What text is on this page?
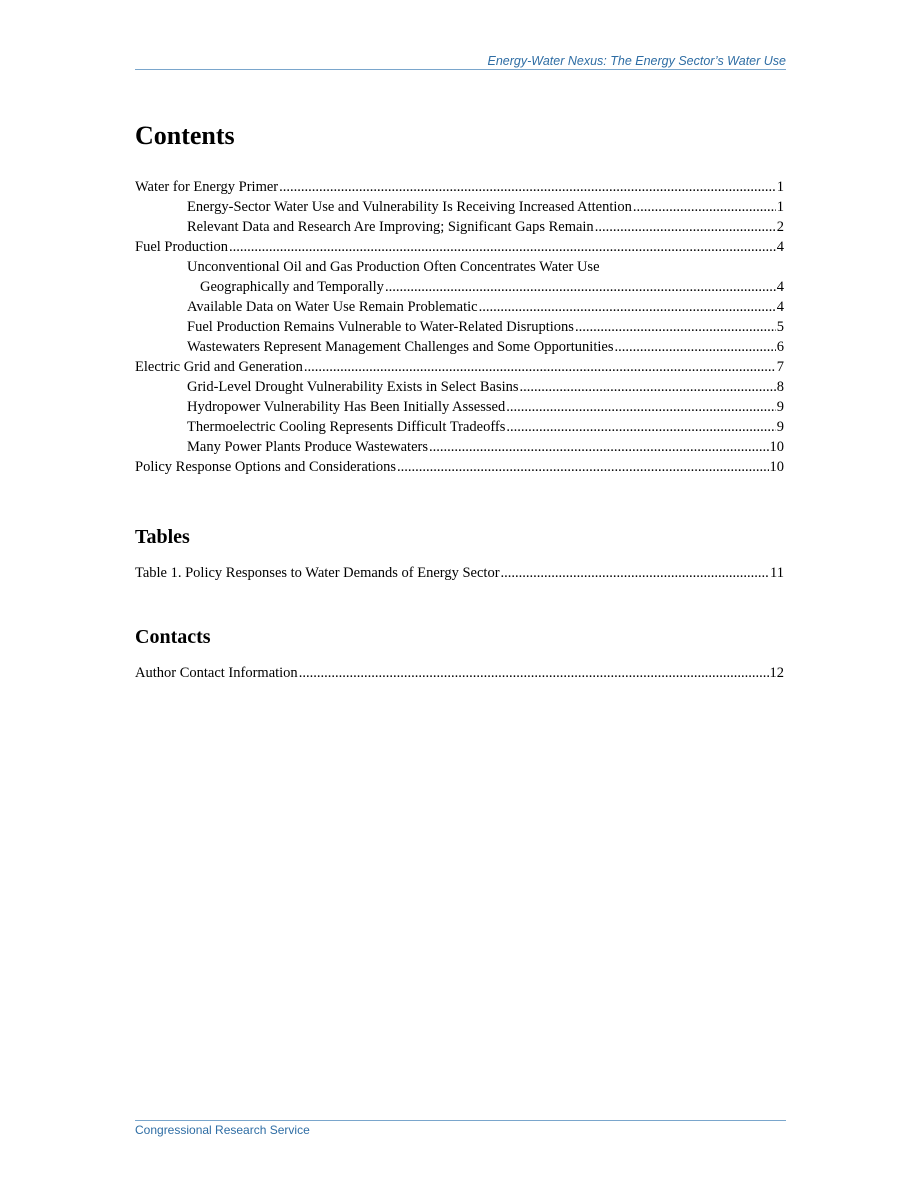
Energy-Water Nexus: The Energy Sector’s Water Use
Contents
Water for Energy Primer .....	1
Energy-Sector Water Use and Vulnerability Is Receiving Increased Attention .....	1
Relevant Data and Research Are Improving; Significant Gaps Remain .....	2
Fuel Production .....	4
Unconventional Oil and Gas Production Often Concentrates Water Use
Geographically and Temporally .....	4
Available Data on Water Use Remain Problematic .....	4
Fuel Production Remains Vulnerable to Water-Related Disruptions .....	5
Wastewaters Represent Management Challenges and Some Opportunities .....	6
Electric Grid and Generation .....	7
Grid-Level Drought Vulnerability Exists in Select Basins .....	8
Hydropower Vulnerability Has Been Initially Assessed .....	9
Thermoelectric Cooling Represents Difficult Tradeoffs .....	9
Many Power Plants Produce Wastewaters .....	10
Policy Response Options and Considerations .....	10
Tables
Table 1. Policy Responses to Water Demands of Energy Sector .....	11
Contacts
Author Contact Information .....	12
Congressional Research Service
